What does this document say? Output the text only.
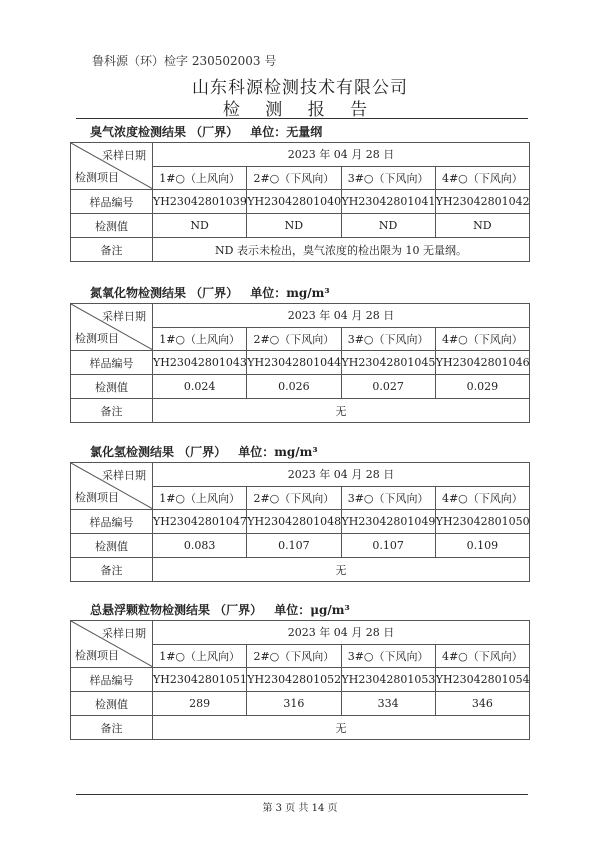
鲁科源（环）检字 230502003 号
山东科源检测技术有限公司
检 测 报 告
臭气浓度检测结果 （厂界） 单位：无量纲
采样日期
检测项目	2023 年 04 月 28 日			
	1#○（上风向）	2#○（下风向）	3#○（下风向）	4#○（下风向）
样品编号	YH23042801039	YH23042801040	YH23042801041	YH23042801042
检测值	ND	ND	ND	ND
备注	ND 表示未检出，臭气浓度的检出限为 10 无量纲。			
氮氧化物检测结果 （厂界） 单位：mg/m³
采样日期
检测项目	2023 年 04 月 28 日			
	1#○（上风向）	2#○（下风向）	3#○（下风向）	4#○（下风向）
样品编号	YH23042801043	YH23042801044	YH23042801045	YH23042801046
检测值	0.024	0.026	0.027	0.029
备注	无			
氯化氢检测结果 （厂界） 单位：mg/m³
采样日期
检测项目	2023 年 04 月 28 日			
	1#○（上风向）	2#○（下风向）	3#○（下风向）	4#○（下风向）
样品编号	YH23042801047	YH23042801048	YH23042801049	YH23042801050
检测值	0.083	0.107	0.107	0.109
备注	无			
总悬浮颗粒物检测结果 （厂界） 单位：μg/m³
采样日期
检测项目	2023 年 04 月 28 日			
	1#○（上风向）	2#○（下风向）	3#○（下风向）	4#○（下风向）
样品编号	YH23042801051	YH23042801052	YH23042801053	YH23042801054
检测值	289	316	334	346
备注	无			
第 3 页 共 14 页
